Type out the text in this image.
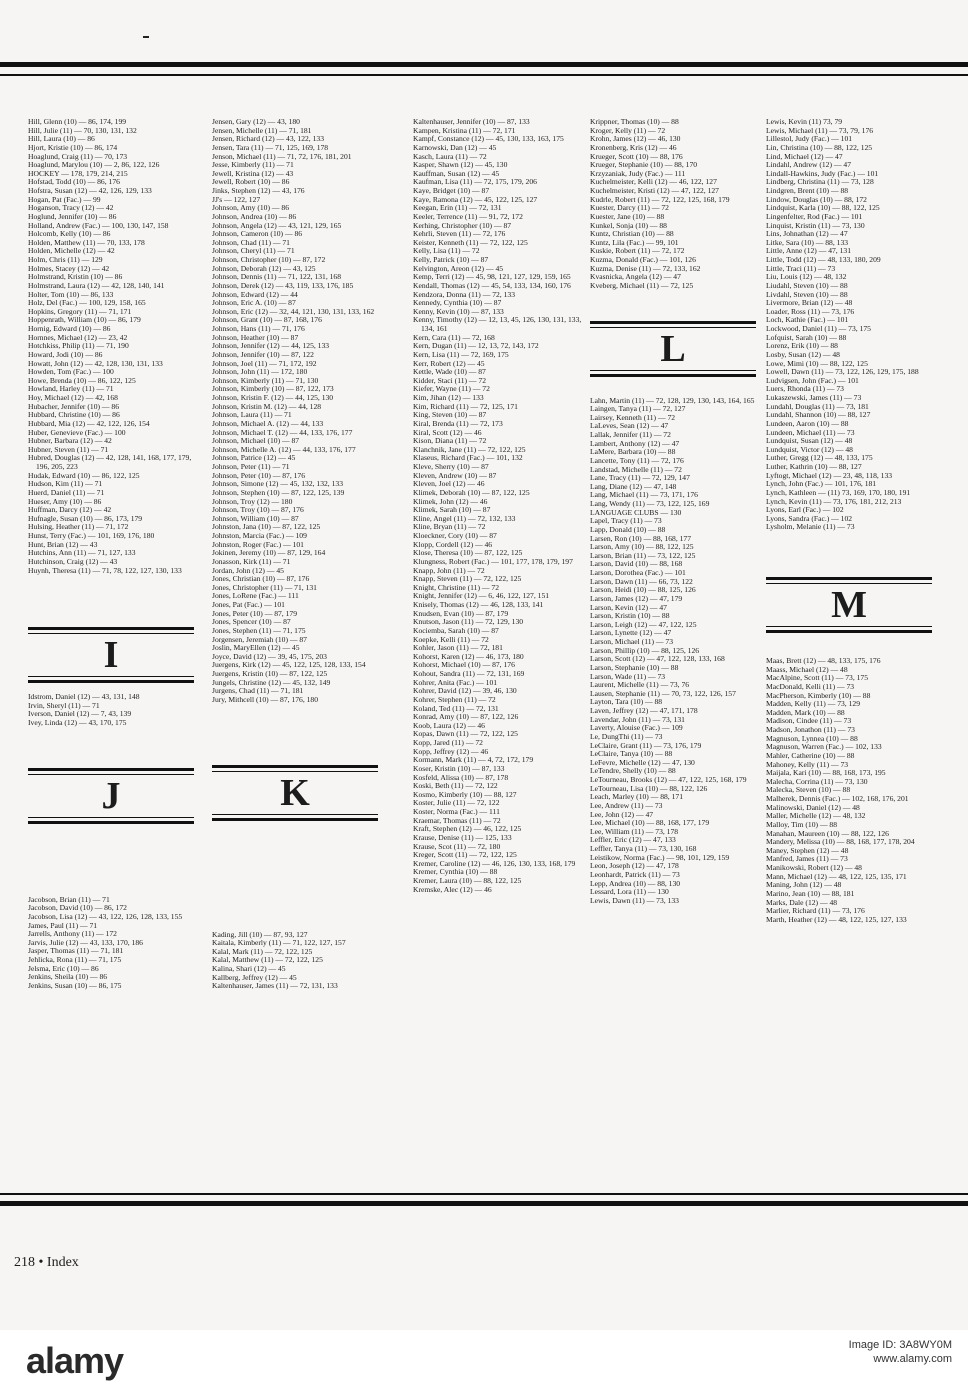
Hill, Glenn (10) — 86, 174, 199
Hill, Julie (11) — 70, 130, 131, 132
Hill, Laura (10) — 86
Hjort, Kristie (10) — 86, 174
Hoaglund, Craig (11) — 70, 173
Hoaglund, Marylou (10) — 2, 86, 122, 126
HOCKEY — 178, 179, 214, 215
Hofstad, Todd (10) — 86, 176
Hofstra, Susan (12) — 42, 126, 129, 133
Hogan, Pat (Fac.) — 99
Hoganson, Tracy (12) — 42
Hoglund, Jennifer (10) — 86
Holland, Andrew (Fac.) — 100, 130, 147, 158
Holcomb, Kelly (10) — 86
Holden, Matthew (11) — 70, 133, 178
Holden, Michelle (12) — 42
Holm, Chris (11) — 129
Holmes, Stacey (12) — 42
Holmstrand, Kristin (10) — 86
Holmstrand, Laura (12) — 42, 128, 140, 141
Holter, Tom (10) — 86, 133
Holz, Del (Fac.) — 100, 129, 158, 165
Hopkins, Gregory (11) — 71, 171
Hoppenrath, William (10) — 86, 179
Hornig, Edward (10) — 86
Hornnes, Michael (12) — 23, 42
Hotchkiss, Philip (11) — 71, 190
Howard, Jodi (10) — 86
Howatt, John (12) — 42, 128, 130, 131, 133
Howden, Tom (Fac.) — 100
Howe, Brenda (10) — 86, 122, 125
Howland, Harley (11) — 71
Hoy, Michael (12) — 42, 168
Hubacher, Jennifer (10) — 86
Hubbard, Christine (10) — 86
Hubbard, Mia (12) — 42, 122, 126, 154
Huber, Genevieve (Fac.) — 100
Hubner, Barbara (12) — 42
Hubner, Steven (11) — 71
Hubred, Douglas (12) — 42, 128, 141, 168, 177, 179, 196, 205, 223
Hudak, Edward (10) — 86, 122, 125
Hudson, Kim (11) — 71
Huerd, Daniel (11) — 71
Hueser, Amy (10) — 86
Huffman, Darcy (12) — 42
Hufnagle, Susan (10) — 86, 173, 179
Hulsing, Heather (11) — 71, 172
Hunst, Terry (Fac.) — 101, 169, 176, 180
Hunt, Brian (12) — 43
Hutchins, Ann (11) — 71, 127, 133
Hutchinson, Craig (12) — 43
Huynh, Theresa (11) — 71, 78, 122, 127, 130, 133
I
Idstrom, Daniel (12) — 43, 131, 148
Irvin, Sheryl (11) — 71
Iverson, Daniel (12) — 7, 43, 139
Ivey, Linda (12) — 43, 170, 175
J
Jacobson, Brian (11) — 71
Jacobson, David (10) — 86, 172
Jacobson, Lisa (12) — 43, 122, 126, 128, 133, 155
James, Paul (11) — 71
Jarrells, Anthony (11) — 172
Jarvis, Julie (12) — 43, 133, 170, 186
Jasper, Thomas (11) — 71, 181
Jehlicka, Rona (11) — 71, 175
Jelsma, Eric (10) — 86
Jenkins, Sheila (10) — 86
Jenkins, Susan (10) — 86, 175
Jensen, Gary (12) — 43, 180
Jensen, Michelle (11) — 71, 181
Jensen, Richard (12) — 43, 122, 133
Jensen, Tara (11) — 71, 125, 169, 178
Jenson, Michael (11) — 71, 72, 176, 181, 201
Jesse, Kimberly (11) — 71
Jewell, Kristina (12) — 43
Jewell, Robert (10) — 86
Jinks, Stephen (12) — 43, 176
JJ's — 122, 127
Johnson, Amy (10) — 86
Johnson, Andrea (10) — 86
Johnson, Angela (12) — 43, 121, 129, 165
Johnson, Cameron (10) — 86
Johnson, Chad (11) — 71
Johnson, Cheryl (11) — 71
Johnson, Christopher (10) — 87, 172
Johnson, Deborah (12) — 43, 125
Johnson, Dennis (11) — 71, 122, 131, 168
Johnson, Derek (12) — 43, 119, 133, 176, 185
Johnson, Edward (12) — 44
Johnson, Eric A. (10) — 87
Johnson, Eric (12) — 32, 44, 121, 130, 131, 133, 162
Johnson, Grant (10) — 87, 168, 176
Johnson, Hans (11) — 71, 176
Johnson, Heather (10) — 87
Johnson, Jennifer (12) — 44, 125, 133
Johnson, Jennifer (10) — 87, 122
Johnson, Joel (11) — 71, 172, 192
Johnson, John (11) — 172, 180
Johnson, Kimberly (11) — 71, 130
Johnson, Kimberly (10) — 87, 122, 173
Johnson, Kristin F. (12) — 44, 125, 130
Johnson, Kristin M. (12) — 44, 128
Johnson, Laura (11) — 71
Johnson, Michael A. (12) — 44, 133
Johnson, Michael T. (12) — 44, 133, 176, 177
Johnson, Michael (10) — 87
Johnson, Michelle A. (12) — 44, 133, 176, 177
Johnson, Patrice (12) — 45
Johnson, Peter (11) — 71
Johnson, Peter (10) — 87, 176
Johnson, Simone (12) — 45, 132, 132, 133
Johnson, Stephen (10) — 87, 122, 125, 139
Johnson, Troy (12) — 180
Johnson, Troy (10) — 87, 176
Johnson, William (10) — 87
Johnston, Jana (10) — 87, 122, 125
Johnston, Marcia (Fac.) — 109
Johnston, Roger (Fac.) — 101
Jokinen, Jeremy (10) — 87, 129, 164
Jonasson, Kirk (11) — 71
Jordan, John (12) — 45
Jones, Christian (10) — 87, 176
Jones, Christopher (11) — 71, 131
Jones, LoRene (Fac.) — 111
Jones, Pat (Fac.) — 101
Jones, Peter (10) — 87, 179
Jones, Spencer (10) — 87
Jones, Stephen (11) — 71, 175
Jorgensen, Jeremiah (10) — 87
Joslin, MaryEllen (12) — 45
Joyce, David (12) — 39, 45, 175, 203
Juergens, Kirk (12) — 45, 122, 125, 128, 133, 154
Juergens, Kristin (10) — 87, 122, 125
Jungels, Christine (12) — 45, 132, 149
Jurgens, Chad (11) — 71, 181
Jury, Mithcell (10) — 87, 176, 180
K
Kading, Jill (10) — 87, 93, 127
Kaitala, Kimberly (11) — 71, 122, 127, 157
Kalal, Mark (11) — 72, 122, 125
Kalal, Matthew (11) — 72, 122, 125
Kalina, Shari (12) — 45
Kallberg, Jeffrey (12) — 45
Kaltenhauser, James (11) — 72, 131, 133
Kaltenhauser, Jennifer (10) — 87, 133
Kampen, Kristina (11) — 72, 171
Kampf, Constance (12) — 45, 130, 133, 163, 175
Karnowski, Dan (12) — 45
Kasch, Laura (11) — 72
Kasper, Shawn (12) — 45, 130
Kauffman, Susan (12) — 45
Kaufman, Lisa (11) — 72, 175, 179, 206
Kaye, Bridget (10) — 87
Kaye, Ramona (12) — 45, 122, 125, 127
Keegan, Erin (11) — 72, 131
Keeler, Terrence (11) — 91, 72, 172
Kerhing, Christopher (10) — 87
Kehrli, Steven (11) — 72, 176
Keister, Kenneth (11) — 72, 122, 125
Kelly, Lisa (11) — 72
Kelly, Patrick (10) — 87
Kelvington, Areon (12) — 45
Kemp, Terri (12) — 45, 98, 121, 127, 129, 159, 165
Kendall, Thomas (12) — 45, 54, 133, 134, 160, 176
Kendzora, Donna (11) — 72, 133
Kennedy, Cynthia (10) — 87
Kenny, Kevin (10) — 87, 133
Kenny, Timothy (12) — 12, 13, 45, 126, 130, 131, 133, 134, 161
Kern, Cara (11) — 72, 168
Kern, Dugan (11) — 12, 13, 72, 143, 172
Kern, Lisa (11) — 72, 169, 175
Kerr, Robert (12) — 45
Kettle, Wade (10) — 87
Kidder, Staci (11) — 72
Kiefer, Wayne (11) — 72
Kim, Jihan (12) — 133
Kim, Richard (11) — 72, 125, 171
King, Steven (10) — 87
Kiral, Brenda (11) — 72, 173
Kiral, Scott (12) — 46
Kison, Diana (11) — 72
Klanchnik, Jane (11) — 72, 122, 125
Klaseus, Richard (Fac.) — 101, 132
Kleve, Sherry (10) — 87
Kleven, Andrew (10) — 87
Kleven, Joel (12) — 46
Klimek, Deborah (10) — 87, 122, 125
Klimek, John (12) — 46
Klimek, Sarah (10) — 87
Kline, Angel (11) — 72, 132, 133
Kline, Bryan (11) — 72
Kloeckner, Cory (10) — 87
Klopp, Cordell (12) — 46
Klose, Theresa (10) — 87, 122, 125
Klungness, Robert (Fac.) — 101, 177, 178, 179, 197
Knapp, John (11) — 72
Knapp, Steven (11) — 72, 122, 125
Knight, Christine (11) — 72
Knight, Jennifer (12) — 6, 46, 122, 127, 151
Knisely, Thomas (12) — 46, 128, 133, 141
Knudsen, Evan (10) — 87, 179
Knutson, Jason (11) — 72, 129, 130
Kociemba, Sarah (10) — 87
Koepke, Kelli (11) — 72
Kohler, Jason (11) — 72, 181
Kohorst, Karen (12) — 46, 173, 180
Kohorst, Michael (10) — 87, 176
Kohout, Sandra (11) — 72, 131, 169
Kohrer, Anita (Fac.) — 101
Kohrer, David (12) — 39, 46, 130
Kohrer, Stephen (11) — 72
Koland, Ted (11) — 72, 131
Konrad, Amy (10) — 87, 122, 126
Koob, Laura (12) — 46
Kopas, Dawn (11) — 72, 122, 125
Kopp, Jared (11) — 72
Kopp, Jeffrey (12) — 46
Kormann, Mark (11) — 4, 72, 172, 179
Koser, Kristin (10) — 87, 133
Kosfeld, Alissa (10) — 87, 178
Koski, Beth (11) — 72, 122
Kosmo, Kimberly (10) — 88, 127
Koster, Julie (11) — 72, 122
Koster, Norma (Fac.) — 111
Kraemar, Thomas (11) — 72
Kraft, Stephen (12) — 46, 122, 125
Krause, Denise (11) — 125, 133
Krause, Scot (11) — 72, 180
Kreger, Scott (11) — 72, 122, 125
Kremer, Caroline (12) — 46, 126, 130, 133, 168, 179
Kremer, Cynthia (10) — 88
Kremer, Laura (10) — 88, 122, 125
Kremske, Alec (12) — 46
Krippner, Thomas (10) — 88
Kroger, Kelly (11) — 72
Krohn, James (12) — 46, 130
Kronenberg, Kris (12) — 46
Krueger, Scott (10) — 88, 176
Krueger, Stephanie (10) — 88, 170
Krzyzaniak, Judy (Fac.) — 111
Kuchelmeister, Kelli (12) — 46, 122, 127
Kuchelmeister, Kristi (12) — 47, 122, 127
Kudrle, Robert (11) — 72, 122, 125, 168, 179
Kuester, Darcy (11) — 72
Kuester, Jane (10) — 88
Kunkel, Sonja (10) — 88
Kuntz, Christian (10) — 88
Kuntz, Lila (Fac.) — 99, 101
Kuskie, Robert (11) — 72, 172
Kuzma, Donald (Fac.) — 101, 126
Kuzma, Denise (11) — 72, 133, 162
Kvasnicka, Angela (12) — 47
Kveberg, Michael (11) — 72, 125
L
Lahn, Martin (11) — 72, 128, 129, 130, 143, 164, 165
Laingen, Tanya (11) — 72, 127
Lairsey, Kenneth (11) — 72
LaLeves, Sean (12) — 47
Lallak, Jennifer (11) — 72
Lambert, Anthony (12) — 47
LaMere, Barbara (10) — 88
Lancette, Tony (11) — 72, 176
Landstad, Michelle (11) — 72
Lane, Tracy (11) — 72, 129, 147
Lang, Diane (12) — 47, 148
Lang, Michael (11) — 73, 171, 176
Lang, Wendy (11) — 73, 122, 125, 169
LANGUAGE CLUBS — 130
Lapel, Tracy (11) — 73
Lapp, Donald (10) — 88
Larsen, Ron (10) — 88, 168, 177
Larson, Amy (10) — 88, 122, 125
Larson, Brian (11) — 73, 122, 125
Larson, David (10) — 88, 168
Larson, Dorothea (Fac.) — 101
Larson, Dawn (11) — 66, 73, 122
Larson, Heidi (10) — 88, 125, 126
Larson, James (12) — 47, 179
Larson, Kevin (12) — 47
Larson, Kristin (10) — 88
Larson, Leigh (12) — 47, 122, 125
Larson, Lynette (12) — 47
Larson, Michael (11) — 73
Larson, Phillip (10) — 88, 125, 126
Larson, Scott (12) — 47, 122, 128, 133, 168
Larson, Stephanie (10) — 88
Larson, Wade (11) — 73
Laurent, Michelle (11) — 73, 76
Lausen, Stephanie (11) — 70, 73, 122, 126, 157
Layton, Tara (10) — 88
Laven, Jeffrey (12) — 47, 171, 178
Lavendar, John (11) — 73, 131
Laverty, Alouise (Fac.) — 109
Le, DungThi (11) — 73
LeClaire, Grant (11) — 73, 176, 179
LeClaire, Tanya (10) — 88
LeFevre, Michelle (12) — 47, 130
LeTendre, Shelly (10) — 88
LeTourneau, Brooks (12) — 47, 122, 125, 168, 179
LeTourneau, Lisa (10) — 88, 122, 126
Leach, Marley (10) — 88, 171
Lee, Andrew (11) — 73
Lee, John (12) — 47
Lee, Michael (10) — 88, 168, 177, 179
Lee, William (11) — 73, 178
Leffler, Eric (12) — 47, 133
Leffler, Tanya (11) — 73, 130, 168
Leistikow, Norma (Fac.) — 98, 101, 129, 159
Leon, Joseph (12) — 47, 178
Leonhardt, Patrick (11) — 73
Lepp, Andrea (10) — 88, 130
Lessard, Lora (11) — 130
Lewis, Dawn (11) — 73, 133
Lewis, Kevin (11) 73, 79
Lewis, Michael (11) — 73, 79, 176
Lillestol, Judy (Fac.) — 101
Lin, Christina (10) — 88, 122, 125
Lind, Michael (12) — 47
Lindahl, Andrew (12) — 47
Lindall-Hawkins, Judy (Fac.) — 101
Lindberg, Christina (11) — 73, 128
Lindgren, Brent (10) — 88
Lindow, Douglas (10) — 88, 172
Lindquist, Karla (10) — 88, 122, 125
Lingenfelter, Rod (Fac.) — 101
Linquist, Kristin (11) — 73, 130
Lins, Johnathan (12) — 47
Litke, Sara (10) — 88, 133
Little, Anne (12) — 47, 131
Little, Todd (12) — 48, 133, 180, 209
Little, Traci (11) — 73
Liu, Louis (12) — 48, 132
Liudahl, Steven (10) — 88
Livdahl, Steven (10) — 88
Livermore, Brian (12) — 48
Loader, Ross (11) — 73, 176
Loch, Kathie (Fac.) — 101
Lockwood, Daniel (11) — 73, 175
Lofquist, Sarah (10) — 88
Lorenz, Erik (10) — 88
Losby, Susan (12) — 48
Lowe, Mimi (10) — 88, 122, 125
Lowell, Dawn (11) — 73, 122, 126, 129, 175, 188
Ludvigsen, John (Fac.) — 101
Luers, Rhonda (11) — 73
Lukaszewski, James (11) — 73
Lundahl, Douglas (11) — 73, 181
Lundahl, Shannon (10) — 88, 127
Lundeen, Aaron (10) — 88
Lundeen, Michael (11) — 73
Lundquist, Susan (12) — 48
Lundquist, Victor (12) — 48
Luther, Gregg (12) — 48, 133, 175
Luther, Kathrin (10) — 88, 127
Lyftogt, Michael (12) — 23, 48, 118, 133
Lynch, John (Fac.) — 101, 176, 181
Lynch, Kathleen — (11) 73, 169, 170, 180, 191
Lynch, Kevin (11) — 73, 176, 181, 212, 213
Lyons, Earl (Fac.) — 102
Lyons, Sandra (Fac.) — 102
Lysholm, Melanie (11) — 73
M
Maas, Brett (12) — 48, 133, 175, 176
Maass, Michael (12) — 48
MacAlpine, Scott (11) — 73, 175
MacDonald, Kelli (11) — 73
MacPherson, Kimberly (10) — 88
Madden, Kelly (11) — 73, 129
Madden, Mark (10) — 88
Madison, Cindee (11) — 73
Madson, Jonathon (11) — 73
Magnuson, Lynnea (10) — 88
Magnuson, Warren (Fac.) — 102, 133
Mahler, Catherine (10) — 88
Mahoney, Kelly (11) — 73
Maijala, Kari (10) — 88, 168, 173, 195
Malecha, Corrina (11) — 73, 130
Malecka, Steven (10) — 88
Malherek, Dennis (Fac.) — 102, 168, 176, 201
Malinowski, Daniel (12) — 48
Maller, Michelle (12) — 48, 132
Malloy, Tim (10) — 88
Manahan, Maureen (10) — 88, 122, 126
Mandery, Melissa (10) — 88, 168, 177, 178, 204
Maney, Stephen (12) — 48
Manfred, James (11) — 73
Manikowski, Robert (12) — 48
Mann, Michael (12) — 48, 122, 125, 135, 171
Maning, John (12) — 48
Marino, Jean (10) — 88, 181
Marks, Dale (12) — 48
Marlier, Richard (11) — 73, 176
Marth, Heather (12) — 48, 122, 125, 127, 133
218 • Index
alamy	Image ID: 3A8WY0M
www.alamy.com
